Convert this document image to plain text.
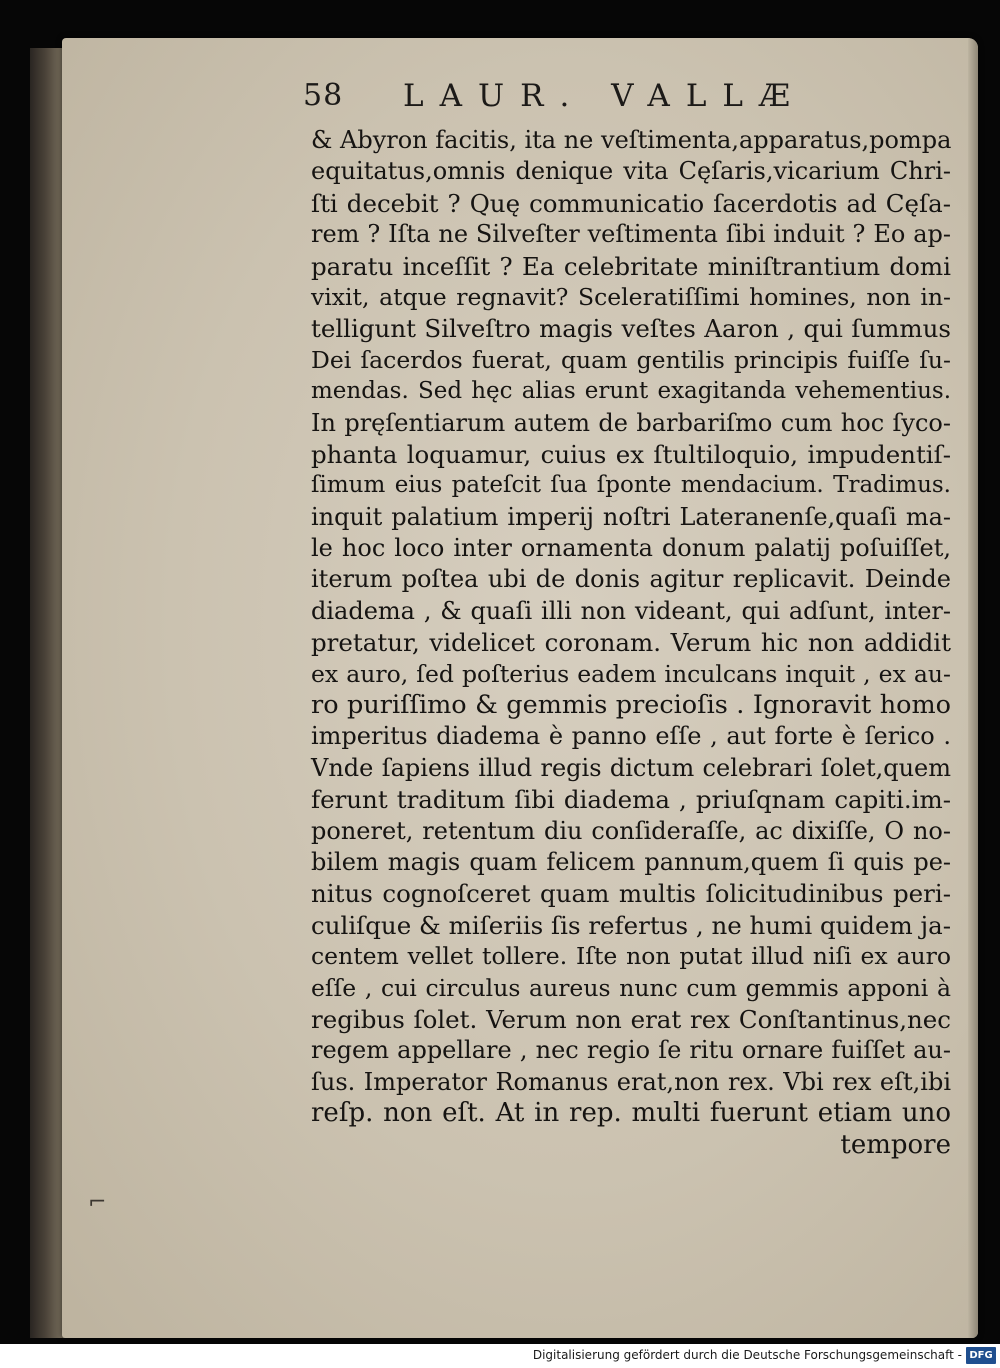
58 LAUR. VALLÆ
& Abyron facitis, ita ne veſtimenta,apparatus,pompa
equitatus,omnis denique vita Cęſaris,vicarium Chri-
ſti decebit ? Quę communicatio ſacerdotis ad Cęſa-
rem ? Iſta ne Silveſter veſtimenta ſibi induit ? Eo ap-
paratu inceſſit ? Ea celebritate miniſtrantium domi
vixit, atque regnavit? Sceleratiſſimi homines, non in-
telligunt Silveſtro magis veſtes Aaron , qui ſummus
Dei ſacerdos fuerat, quam gentilis principis fuiſſe ſu-
mendas. Sed hęc alias erunt exagitanda vehementius.
In pręſentiarum autem de barbariſmo cum hoc ſyco-
phanta loquamur, cuius ex ſtultiloquio, impudentiſ-
ſimum eius pateſcit ſua ſponte mendacium. Tradimus.
inquit palatium imperij noſtri Lateranenſe,quaſi ma-
le hoc loco inter ornamenta donum palatij poſuiſſet,
iterum poſtea ubi de donis agitur replicavit. Deinde
diadema , & quaſi illi non videant, qui adſunt, inter-
pretatur, videlicet coronam. Verum hic non addidit
ex auro, ſed poſterius eadem inculcans inquit , ex au-
ro puriſſimo & gemmis precioſis . Ignoravit homo
imperitus diadema è panno eſſe , aut forte è ſerico .
Vnde ſapiens illud regis dictum celebrari ſolet,quem
ferunt traditum ſibi diadema , priuſqnam capiti.im-
poneret, retentum diu conſideraſſe, ac dixiſſe, O no-
bilem magis quam felicem pannum,quem ſi quis pe-
nitus cognoſceret quam multis ſolicitudinibus peri-
culiſque & miſeriis ſis refertus , ne humi quidem ja-
centem vellet tollere. Iſte non putat illud niſi ex auro
eſſe , cui circulus aureus nunc cum gemmis apponi à
regibus ſolet. Verum non erat rex Conſtantinus,nec
regem appellare , nec regio ſe ritu ornare fuiſſet au-
ſus. Imperator Romanus erat,non rex. Vbi rex eſt,ibi
reſp. non eſt. At in rep. multi fuerunt etiam uno
tempore
⌐
Digitalisierung gefördert durch die Deutsche Forschungsgemeinschaft - DFG
